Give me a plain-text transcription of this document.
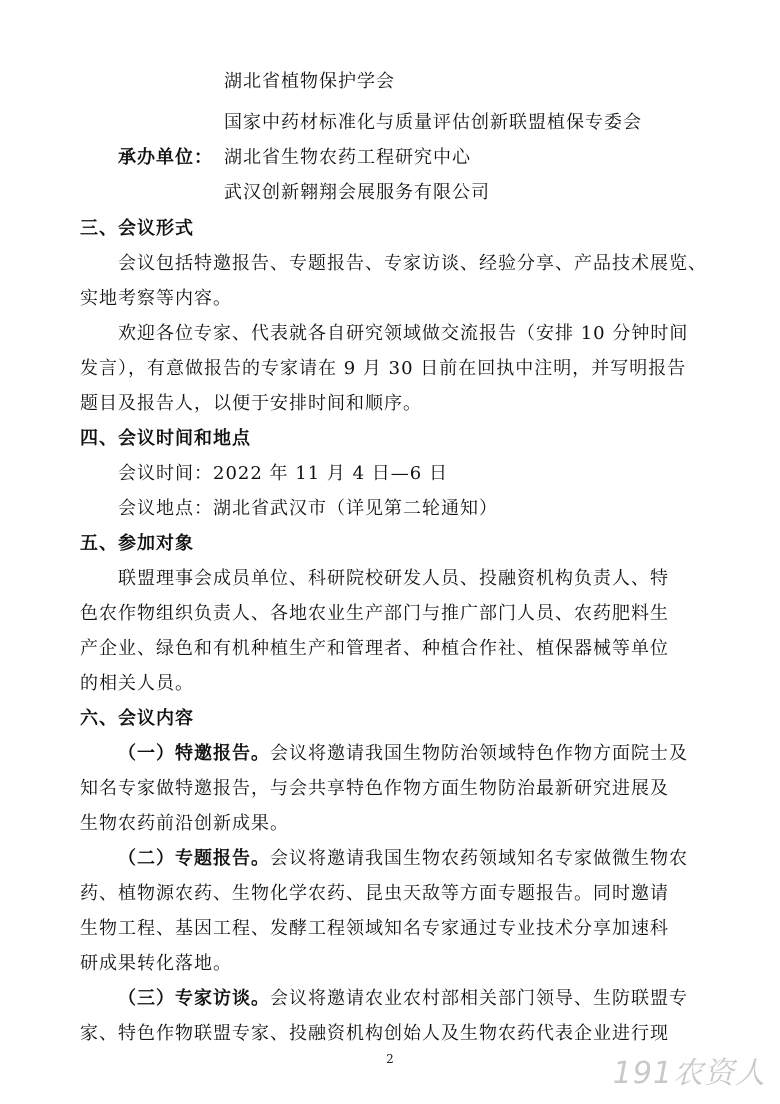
湖北省植物保护学会
国家中药材标准化与质量评估创新联盟植保专委会
承办单位： 湖北省生物农药工程研究中心
武汉创新翱翔会展服务有限公司
三、会议形式
会议包括特邀报告、专题报告、专家访谈、经验分享、产品技术展览、
实地考察等内容。
欢迎各位专家、代表就各自研究领域做交流报告（安排 10 分钟时间
发言），有意做报告的专家请在 9 月 30 日前在回执中注明，并写明报告
题目及报告人，以便于安排时间和顺序。
四、会议时间和地点
会议时间：2022 年 11 月 4 日—6 日
会议地点：湖北省武汉市（详见第二轮通知）
五、参加对象
联盟理事会成员单位、科研院校研发人员、投融资机构负责人、特
色农作物组织负责人、各地农业生产部门与推广部门人员、农药肥料生
产企业、绿色和有机种植生产和管理者、种植合作社、植保器械等单位
的相关人员。
六、会议内容
（一）特邀报告。会议将邀请我国生物防治领域特色作物方面院士及
知名专家做特邀报告，与会共享特色作物方面生物防治最新研究进展及
生物农药前沿创新成果。
（二）专题报告。会议将邀请我国生物农药领域知名专家做微生物农
药、植物源农药、生物化学农药、昆虫天敌等方面专题报告。同时邀请
生物工程、基因工程、发酵工程领域知名专家通过专业技术分享加速科
研成果转化落地。
（三）专家访谈。会议将邀请农业农村部相关部门领导、生防联盟专
家、特色作物联盟专家、投融资机构创始人及生物农药代表企业进行现
2	191农资人
